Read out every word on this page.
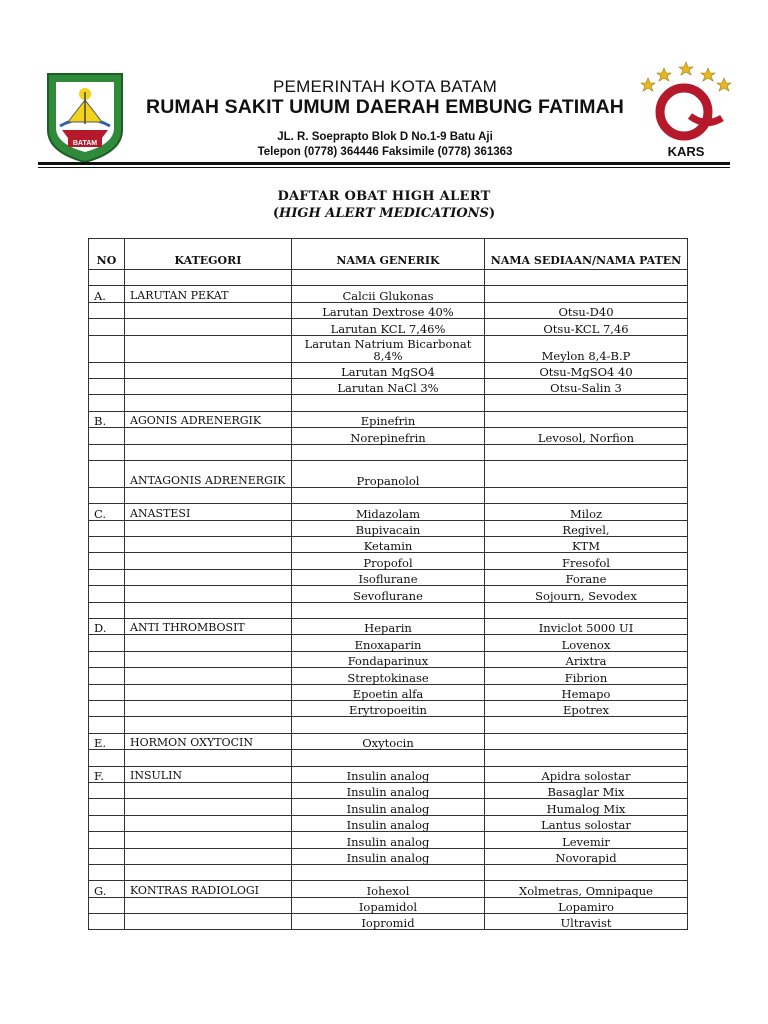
BATAM
PEMERINTAH KOTA BATAM
RUMAH SAKIT UMUM DAERAH EMBUNG FATIMAH
JL. R. Soeprapto Blok D No.1-9 Batu Aji
Telepon (0778) 364446 Faksimile (0778) 361363	KARS
DAFTAR OBAT HIGH ALERT
(HIGH ALERT MEDICATIONS)
NO	KATEGORI	NAMA GENERIK	NAMA SEDIAAN/NAMA PATEN

A.	LARUTAN PEKAT	Calcii Glukonas	
		Larutan Dextrose 40%	Otsu-D40
		Larutan KCL 7,46%	Otsu-KCL 7,46
		Larutan Natrium Bicarbonat 8,4%	Meylon 8,4-B.P
		Larutan MgSO4	Otsu-MgSO4 40
		Larutan NaCl 3%	Otsu-Salin 3

B.	AGONIS ADRENERGIK	Epinefrin	
		Norepinefrin	Levosol, Norfion

	ANTAGONIS ADRENERGIK	Propanolol	

C.	ANASTESI	Midazolam	Miloz
		Bupivacain	Regivel,
		Ketamin	KTM
		Propofol	Fresofol
		Isoflurane	Forane
		Sevoflurane	Sojourn, Sevodex

D.	ANTI THROMBOSIT	Heparin	Inviclot 5000 UI
		Enoxaparin	Lovenox
		Fondaparinux	Arixtra
		Streptokinase	Fibrion
		Epoetin alfa	Hemapo
		Erytropoeitin	Epotrex

E.	HORMON OXYTOCIN	Oxytocin	

F.	INSULIN	Insulin analog	Apidra solostar
		Insulin analog	Basaglar Mix
		Insulin analog	Humalog Mix
		Insulin analog	Lantus solostar
		Insulin analog	Levemir
		Insulin analog	Novorapid

G.	KONTRAS RADIOLOGI	Iohexol	Xolmetras, Omnipaque
		Iopamidol	Lopamiro
		Iopromid	Ultravist
